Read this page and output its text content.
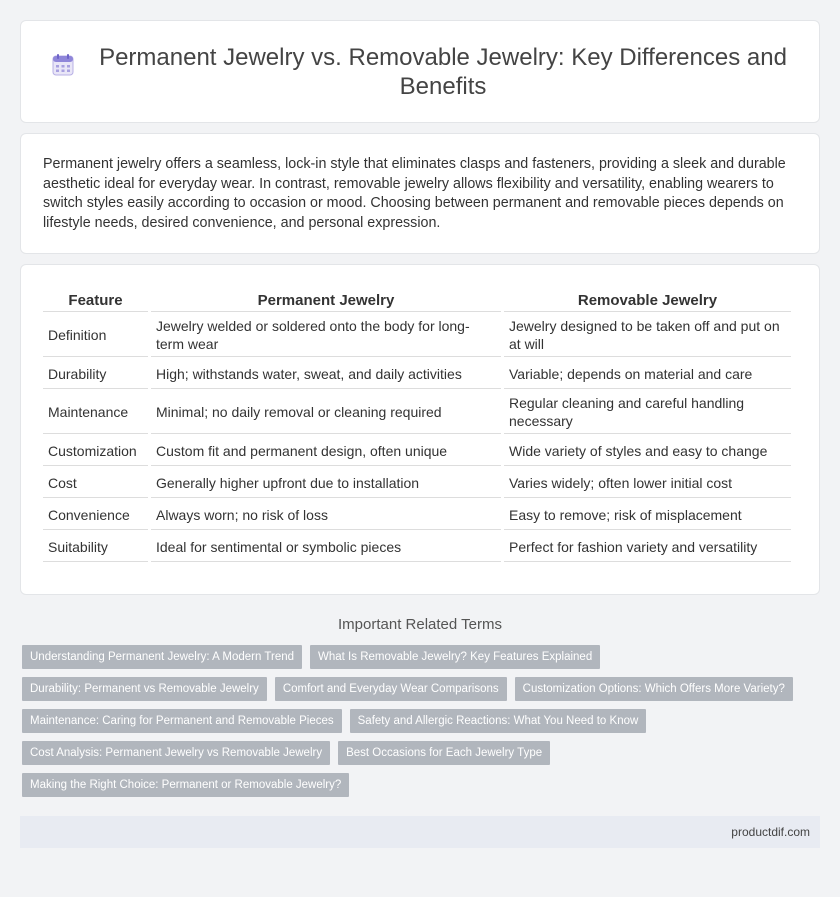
Permanent Jewelry vs. Removable Jewelry: Key Differences and Benefits

Permanent jewelry offers a seamless, lock-in style that eliminates clasps and fasteners, providing a sleek and durable aesthetic ideal for everyday wear. In contrast, removable jewelry allows flexibility and versatility, enabling wearers to switch styles easily according to occasion or mood. Choosing between permanent and removable pieces depends on lifestyle needs, desired convenience, and personal expression.

Feature	Permanent Jewelry	Removable Jewelry
Definition	Jewelry welded or soldered onto the body for long-term wear	Jewelry designed to be taken off and put on at will
Durability	High; withstands water, sweat, and daily activities	Variable; depends on material and care
Maintenance	Minimal; no daily removal or cleaning required	Regular cleaning and careful handling necessary
Customization	Custom fit and permanent design, often unique	Wide variety of styles and easy to change
Cost	Generally higher upfront due to installation	Varies widely; often lower initial cost
Convenience	Always worn; no risk of loss	Easy to remove; risk of misplacement
Suitability	Ideal for sentimental or symbolic pieces	Perfect for fashion variety and versatility
Important Related Terms
Understanding Permanent Jewelry: A Modern Trend	What Is Removable Jewelry? Key Features Explained
Durability: Permanent vs Removable Jewelry	Comfort and Everyday Wear Comparisons	Customization Options: Which Offers More Variety?
Maintenance: Caring for Permanent and Removable Pieces	Safety and Allergic Reactions: What You Need to Know
Cost Analysis: Permanent Jewelry vs Removable Jewelry	Best Occasions for Each Jewelry Type
Making the Right Choice: Permanent or Removable Jewelry?
productdif.com
